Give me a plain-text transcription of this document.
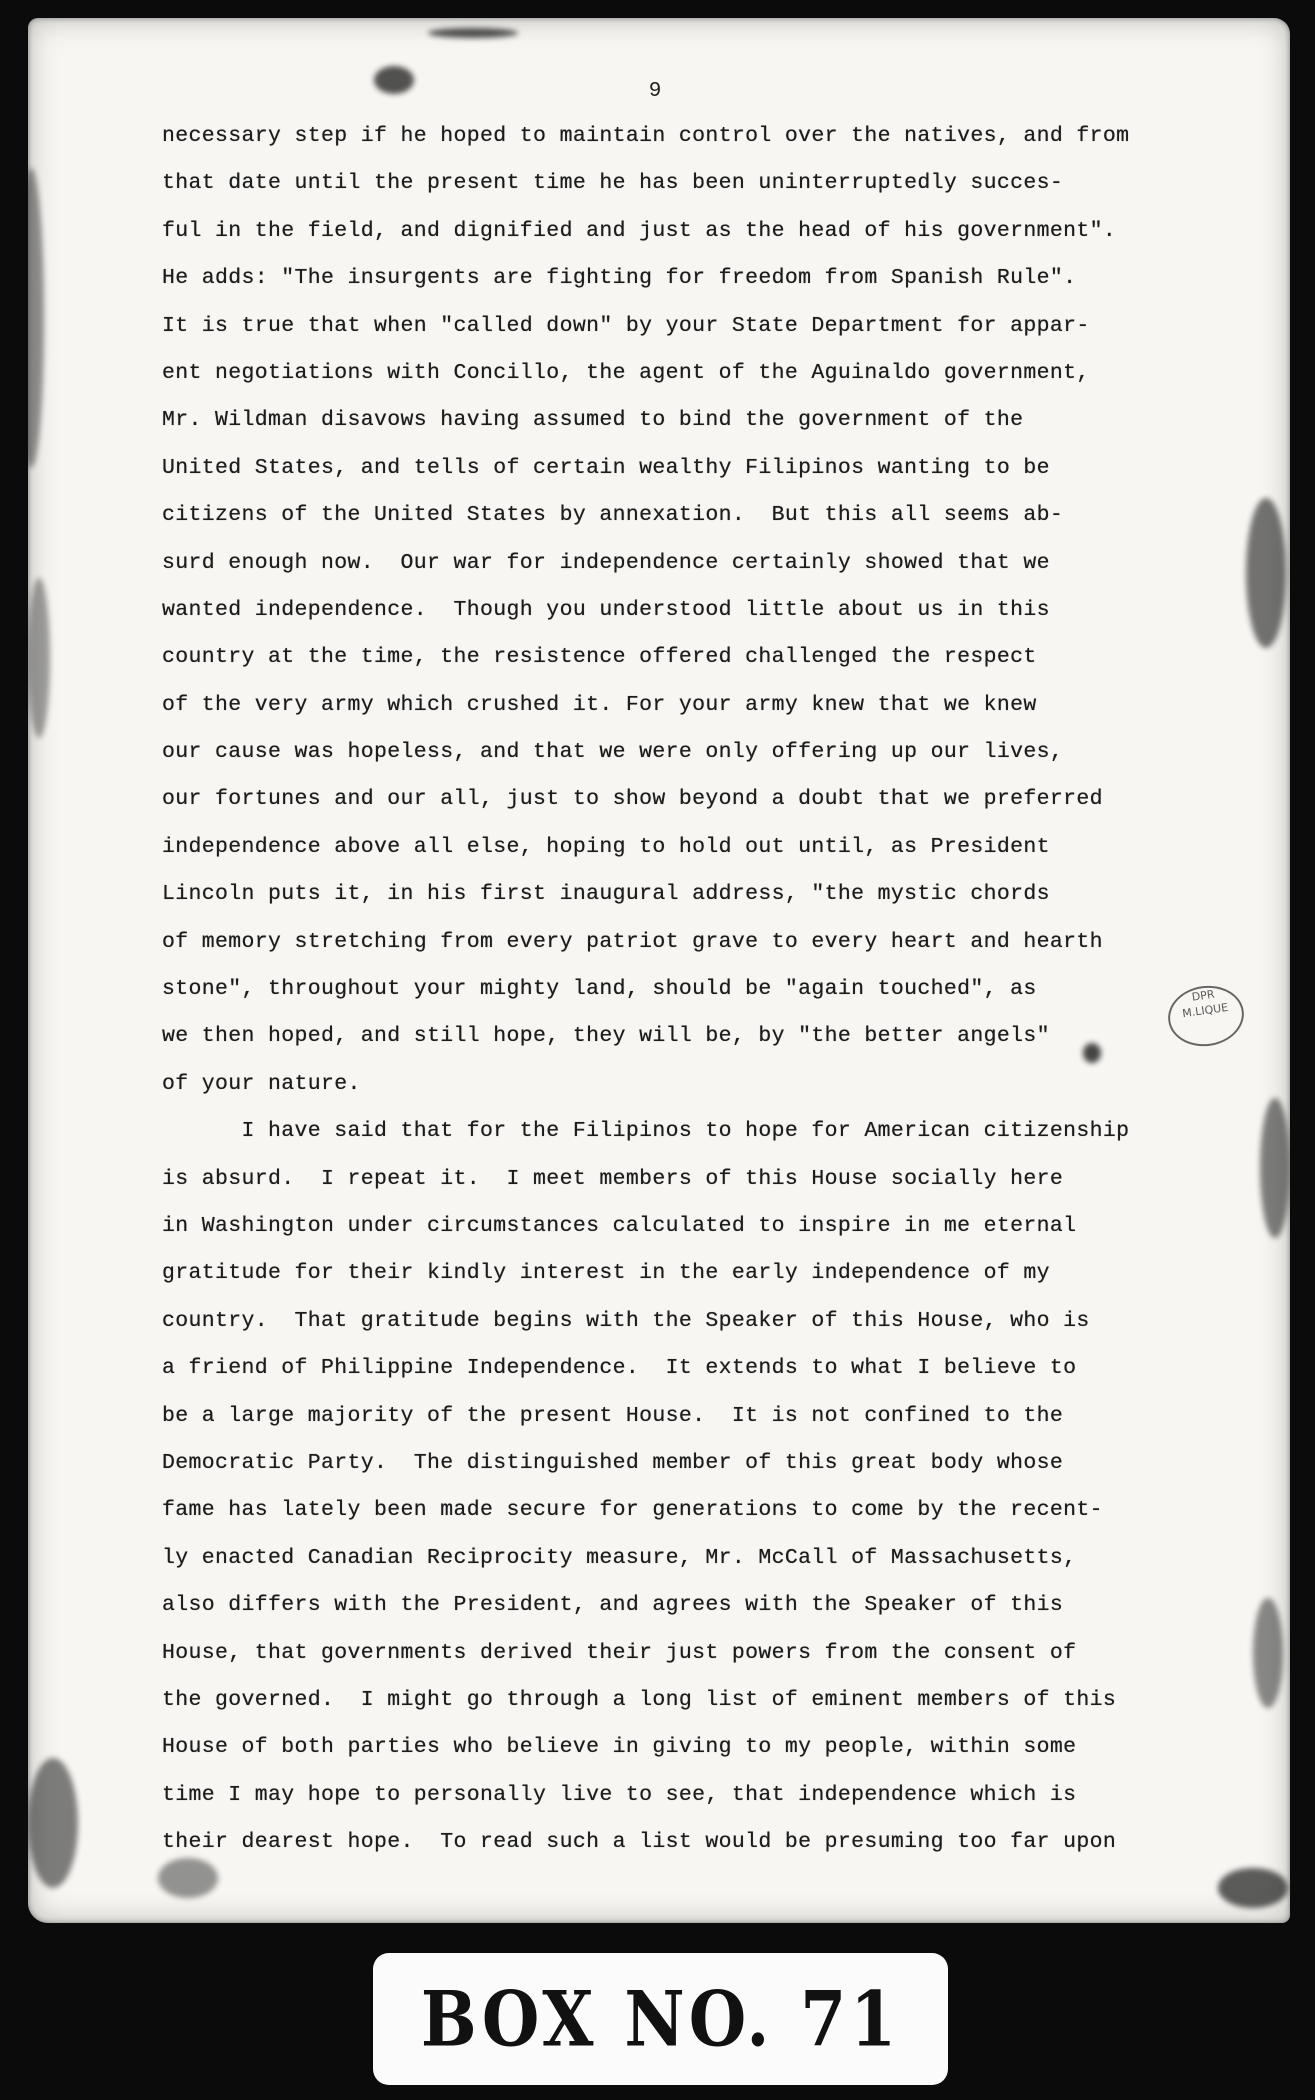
9
DPR
M.LIQUE
necessary step if he hoped to maintain control over the natives, and from
that date until the present time he has been uninterruptedly succes-
ful in the field, and dignified and just as the head of his government".
He adds: "The insurgents are fighting for freedom from Spanish Rule".
It is true that when "called down" by your State Department for appar-
ent negotiations with Concillo, the agent of the Aguinaldo government,
Mr. Wildman disavows having assumed to bind the government of the
United States, and tells of certain wealthy Filipinos wanting to be
citizens of the United States by annexation.  But this all seems ab-
surd enough now.  Our war for independence certainly showed that we
wanted independence.  Though you understood little about us in this
country at the time, the resistence offered challenged the respect
of the very army which crushed it. For your army knew that we knew
our cause was hopeless, and that we were only offering up our lives,
our fortunes and our all, just to show beyond a doubt that we preferred
independence above all else, hoping to hold out until, as President
Lincoln puts it, in his first inaugural address, "the mystic chords
of memory stretching from every patriot grave to every heart and hearth
stone", throughout your mighty land, should be "again touched", as
we then hoped, and still hope, they will be, by "the better angels"
of your nature.
I have said that for the Filipinos to hope for American citizenship
is absurd.  I repeat it.  I meet members of this House socially here
in Washington under circumstances calculated to inspire in me eternal
gratitude for their kindly interest in the early independence of my
country.  That gratitude begins with the Speaker of this House, who is
a friend of Philippine Independence.  It extends to what I believe to
be a large majority of the present House.  It is not confined to the
Democratic Party.  The distinguished member of this great body whose
fame has lately been made secure for generations to come by the recent-
ly enacted Canadian Reciprocity measure, Mr. McCall of Massachusetts,
also differs with the President, and agrees with the Speaker of this
House, that governments derived their just powers from the consent of
the governed.  I might go through a long list of eminent members of this
House of both parties who believe in giving to my people, within some
time I may hope to personally live to see, that independence which is
their dearest hope.  To read such a list would be presuming too far upon
BOX NO. 71
